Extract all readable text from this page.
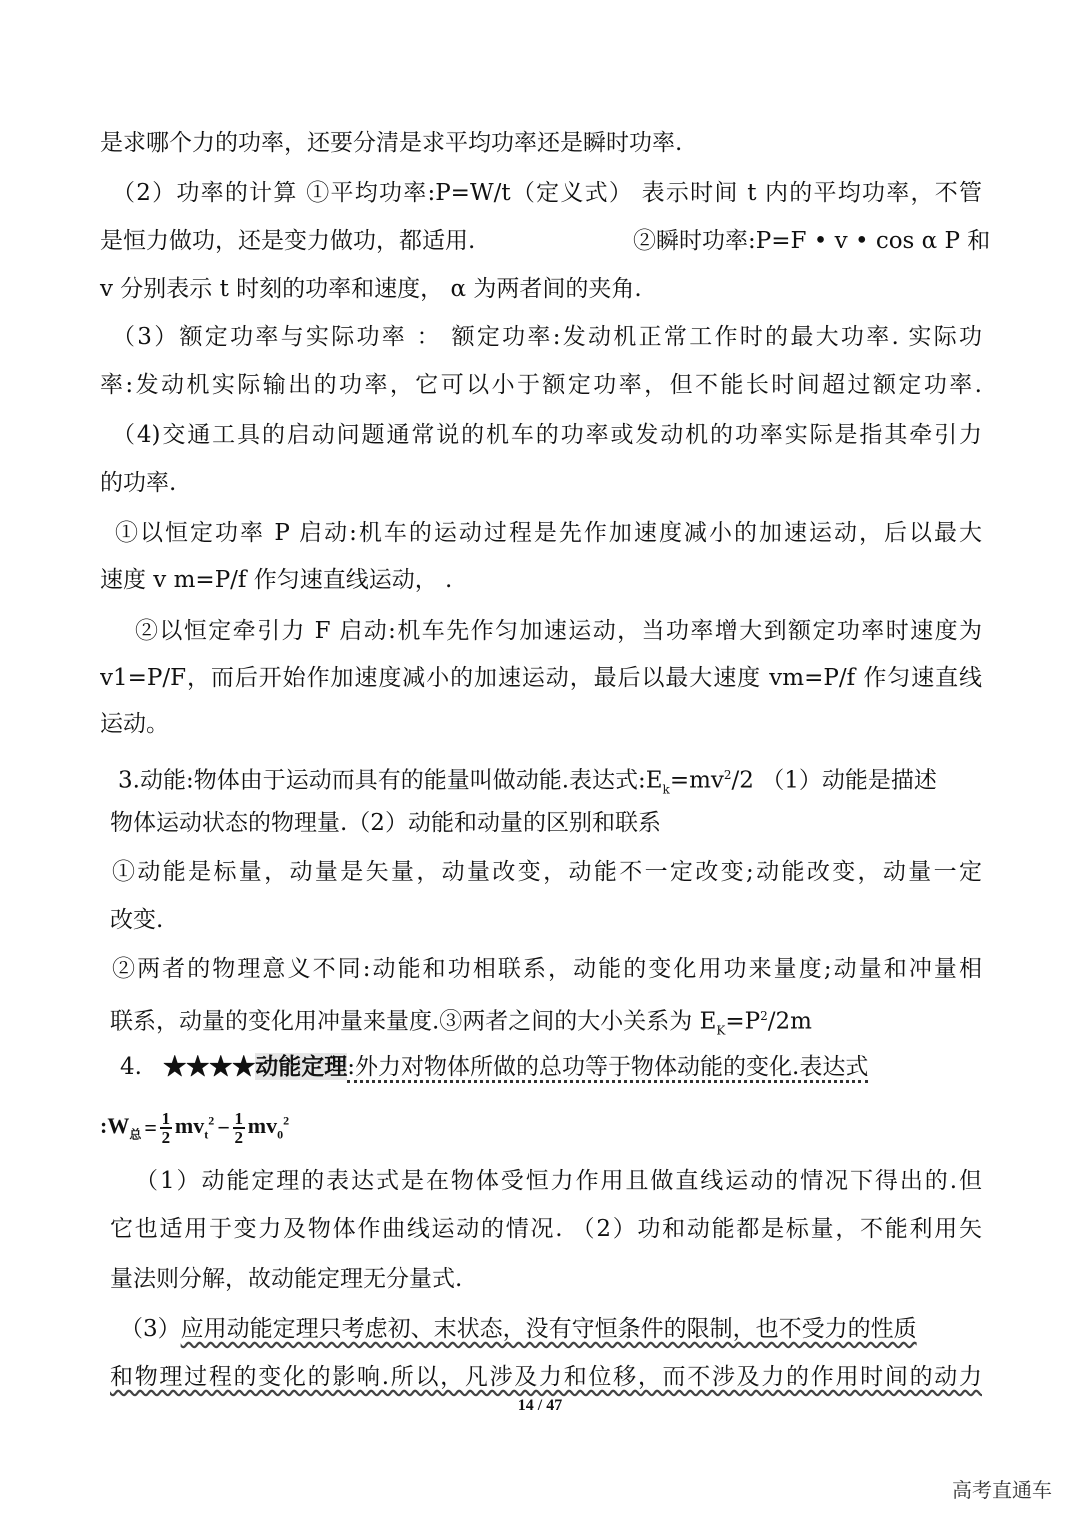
是求哪个力的功率，还要分清是求平均功率还是瞬时功率.
（2）功率的计算 ①平均功率:P=W/t（定义式） 表示时间 t 内的平均功率，不管
是恒力做功，还是变力做功，都适用.	②瞬时功率:P=F • v • cos α P 和
v 分别表示 t 时刻的功率和速度， α 为两者间的夹角.
（3）额定功率与实际功率 ： 额定功率:发动机正常工作时的最大功率. 实际功
率:发动机实际输出的功率，它可以小于额定功率，但不能长时间超过额定功率.
（4)交通工具的启动问题通常说的机车的功率或发动机的功率实际是指其牵引力
的功率.
①以恒定功率 P 启动:机车的运动过程是先作加速度减小的加速运动，后以最大
速度 v m=P/f 作匀速直线运动， .
②以恒定牵引力 F 启动:机车先作匀加速运动，当功率增大到额定功率时速度为
v1=P/F，而后开始作加速度减小的加速运动，最后以最大速度 vm=P/f 作匀速直线
运动。
3.动能:物体由于运动而具有的能量叫做动能.表达式$:E_k=mv^2/2$ （1）动能是描述
物体运动状态的物理量.（2）动能和动量的区别和联系
①动能是标量，动量是矢量，动量改变，动能不一定改变;动能改变，动量一定
改变.
②两者的物理意义不同:动能和功相联系，动能的变化用功来量度;动量和冲量相
联系，动量的变化用冲量来量度.③两者之间的大小关系为 $E_K=P^2/2m$
4. ★★★★动能定理:外力对物体所做的总功等于物体动能的变化.表达式
$:W_总 = \frac{1}{2} mv_t^2 - \frac{1}{2} mv_0^2$
（1）动能定理的表达式是在物体受恒力作用且做直线运动的情况下得出的.但
它也适用于变力及物体作曲线运动的情况. （2）功和动能都是标量，不能利用矢
量法则分解，故动能定理无分量式.
（3）应用动能定理只考虑初、末状态，没有守恒条件的限制，也不受力的性质
和物理过程的变化的影响.所以，凡涉及力和位移，而不涉及力的作用时间的动力
14 / 47
高考直通车
